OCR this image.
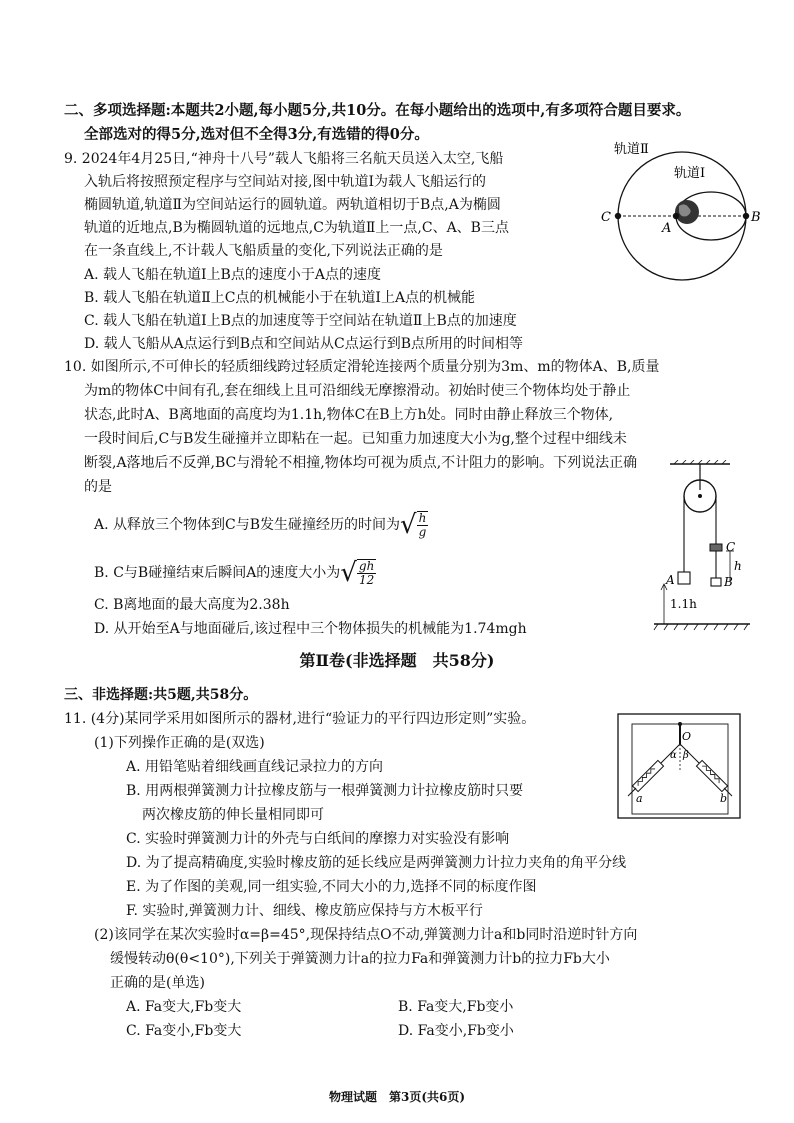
二、多项选择题:本题共2小题,每小题5分,共10分。在每小题给出的选项中,有多项符合题目要求。
全部选对的得5分,选对但不全得3分,有选错的得0分。
9. 2024年4月25日,“神舟十八号”载人飞船将三名航天员送入太空,飞船
入轨后将按照预定程序与空间站对接,图中轨道Ⅰ为载人飞船运行的
椭圆轨道,轨道Ⅱ为空间站运行的圆轨道。两轨道相切于B点,A为椭圆
轨道的近地点,B为椭圆轨道的远地点,C为轨道Ⅱ上一点,C、A、B三点
在一条直线上,不计载人飞船质量的变化,下列说法正确的是
A. 载人飞船在轨道Ⅰ上B点的速度小于A点的速度
B. 载人飞船在轨道Ⅱ上C点的机械能小于在轨道Ⅰ上A点的机械能
C. 载人飞船在轨道Ⅰ上B点的加速度等于空间站在轨道Ⅱ上B点的加速度
D. 载人飞船从A点运行到B点和空间站从C点运行到B点所用的时间相等
轨道Ⅱ
轨道Ⅰ
C
A
B
10. 如图所示,不可伸长的轻质细线跨过轻质定滑轮连接两个质量分别为3m、m的物体A、B,质量
为m的物体C中间有孔,套在细线上且可沿细线无摩擦滑动。初始时使三个物体均处于静止
状态,此时A、B离地面的高度均为1.1h,物体C在B上方h处。同时由静止释放三个物体,
一段时间后,C与B发生碰撞并立即粘在一起。已知重力加速度大小为g,整个过程中细线未
断裂,A落地后不反弹,BC与滑轮不相撞,物体均可视为质点,不计阻力的影响。下列说法正确
的是
A. 从释放三个物体到C与B发生碰撞经历的时间为√ $\frac{h}{g}$
B. C与B碰撞结束后瞬间A的速度大小为√ $\frac{gh}{12}$
C. B离地面的最大高度为2.38h
D. 从开始至A与地面碰后,该过程中三个物体损失的机械能为1.74mgh
A	B
C
h
1.1h
第Ⅱ卷(非选择题　共58分)
三、非选择题:共5题,共58分。
11. (4分)某同学采用如图所示的器材,进行“验证力的平行四边形定则”实验。
(1)下列操作正确的是(双选)
A. 用铅笔贴着细线画直线记录拉力的方向
B. 用两根弹簧测力计拉橡皮筋与一根弹簧测力计拉橡皮筋时只要
两次橡皮筋的伸长量相同即可
C. 实验时弹簧测力计的外壳与白纸间的摩擦力对实验没有影响
D. 为了提高精确度,实验时橡皮筋的延长线应是两弹簧测力计拉力夹角的角平分线
E. 为了作图的美观,同一组实验,不同大小的力,选择不同的标度作图
F. 实验时,弹簧测力计、细线、橡皮筋应保持与方木板平行
(2)该同学在某次实验时α=β=45°,现保持结点O不动,弹簧测力计a和b同时沿逆时针方向
缓慢转动θ(θ<10°),下列关于弹簧测力计a的拉力Fa和弹簧测力计b的拉力Fb大小
正确的是(单选)
A. Fa变大,Fb变大	B. Fa变大,Fb变小
C. Fa变小,Fb变大	D. Fa变小,Fb变小
O
α β
a	b
物理试题　第3页(共6页)
